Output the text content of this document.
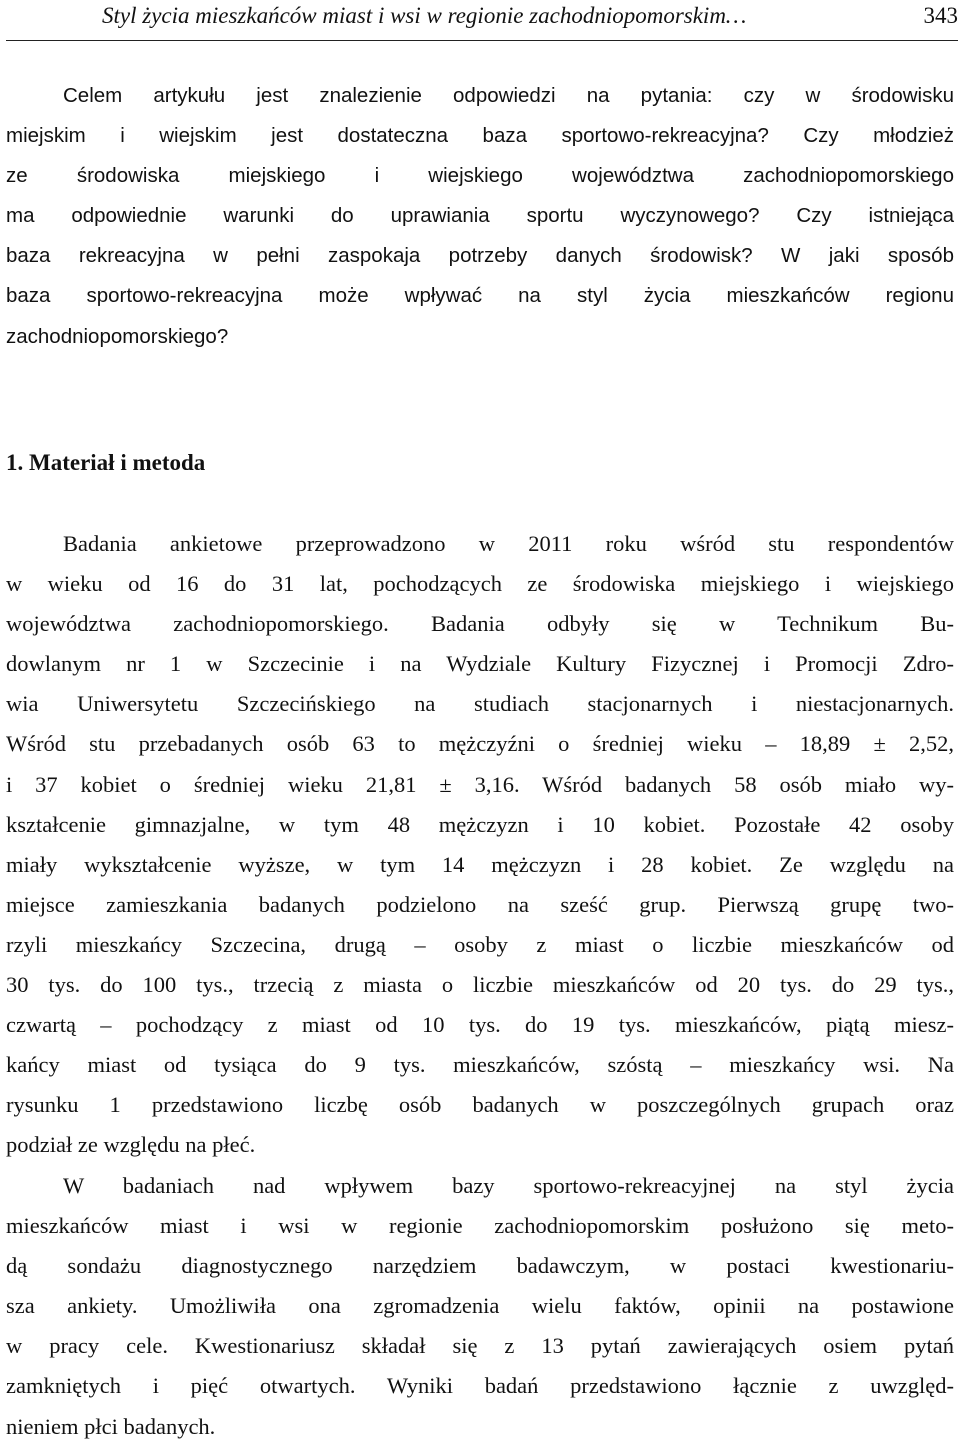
Styl życia mieszkańców miast i wsi w regionie zachodniopomorskim…	343
Celem artykułu jest znalezienie odpowiedzi na pytania: czy w środowisku
miejskim i wiejskim jest dostateczna baza sportowo-rekreacyjna? Czy młodzież
ze środowiska miejskiego i wiejskiego województwa zachodniopomorskiego
ma odpowiednie warunki do uprawiania sportu wyczynowego? Czy istniejąca
baza rekreacyjna w pełni zaspokaja potrzeby danych środowisk? W jaki sposób
baza sportowo-rekreacyjna może wpływać na styl życia mieszkańców regionu
zachodniopomorskiego?
1. Materiał i metoda
Badania ankietowe przeprowadzono w 2011 roku wśród stu respondentów
w wieku od 16 do 31 lat, pochodzących ze środowiska miejskiego i wiejskiego
województwa zachodniopomorskiego. Badania odbyły się w Technikum Bu-
dowlanym nr 1 w Szczecinie i na Wydziale Kultury Fizycznej i Promocji Zdro-
wia Uniwersytetu Szczecińskiego na studiach stacjonarnych i niestacjonarnych.
Wśród stu przebadanych osób 63 to mężczyźni o średniej wieku – 18,89 ± 2,52,
i 37 kobiet o średniej wieku 21,81 ± 3,16. Wśród badanych 58 osób miało wy-
kształcenie gimnazjalne, w tym 48 mężczyzn i 10 kobiet. Pozostałe 42 osoby
miały wykształcenie wyższe, w tym 14 mężczyzn i 28 kobiet. Ze względu na
miejsce zamieszkania badanych podzielono na sześć grup. Pierwszą grupę two-
rzyli mieszkańcy Szczecina, drugą – osoby z miast o liczbie mieszkańców od
30 tys. do 100 tys., trzecią z miasta o liczbie mieszkańców od 20 tys. do 29 tys.,
czwartą – pochodzący z miast od 10 tys. do 19 tys. mieszkańców, piątą miesz-
kańcy miast od tysiąca do 9 tys. mieszkańców, szóstą – mieszkańcy wsi. Na
rysunku 1 przedstawiono liczbę osób badanych w poszczególnych grupach oraz
podział ze względu na płeć.
W badaniach nad wpływem bazy sportowo-rekreacyjnej na styl życia
mieszkańców miast i wsi w regionie zachodniopomorskim posłużono się meto-
dą sondażu diagnostycznego narzędziem badawczym, w postaci kwestionariu-
sza ankiety. Umożliwiła ona zgromadzenia wielu faktów, opinii na postawione
w pracy cele. Kwestionariusz składał się z 13 pytań zawierających osiem pytań
zamkniętych i pięć otwartych. Wyniki badań przedstawiono łącznie z uwzględ-
nieniem płci badanych.
